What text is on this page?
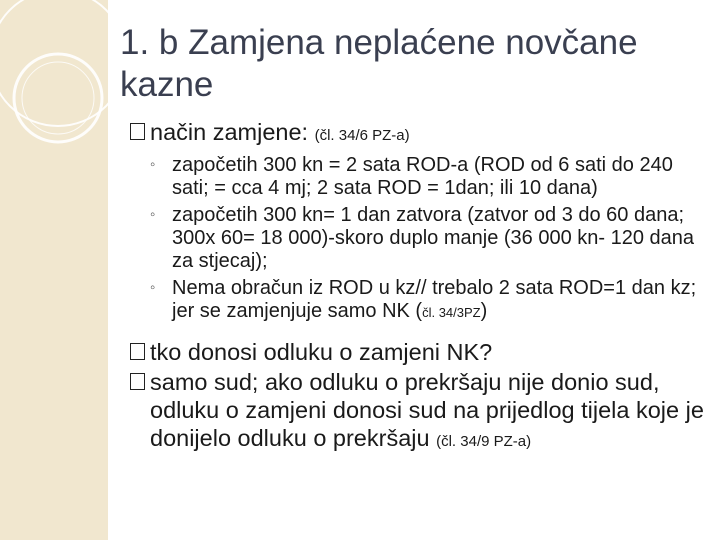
1. b Zamjena neplaćene novčane kazne
način zamjene: (čl. 34/6 PZ-a)
◦ započetih 300 kn = 2 sata ROD-a (ROD od 6 sati do 240 sati; = cca 4 mj; 2 sata ROD = 1dan; ili 10 dana)
◦ započetih 300 kn= 1 dan zatvora (zatvor od 3 do 60 dana; 300x 60= 18 000)-skoro duplo manje (36 000 kn- 120 dana za stjecaj);
◦ Nema obračun iz ROD u kz// trebalo 2 sata ROD=1 dan kz; jer se zamjenjuje samo NK (čl. 34/3PZ)
tko donosi odluku o zamjeni NK?
samo sud; ako odluku o prekršaju nije donio sud, odluku o zamjeni donosi sud na prijedlog tijela koje je donijelo odluku o prekršaju (čl. 34/9 PZ-a)
